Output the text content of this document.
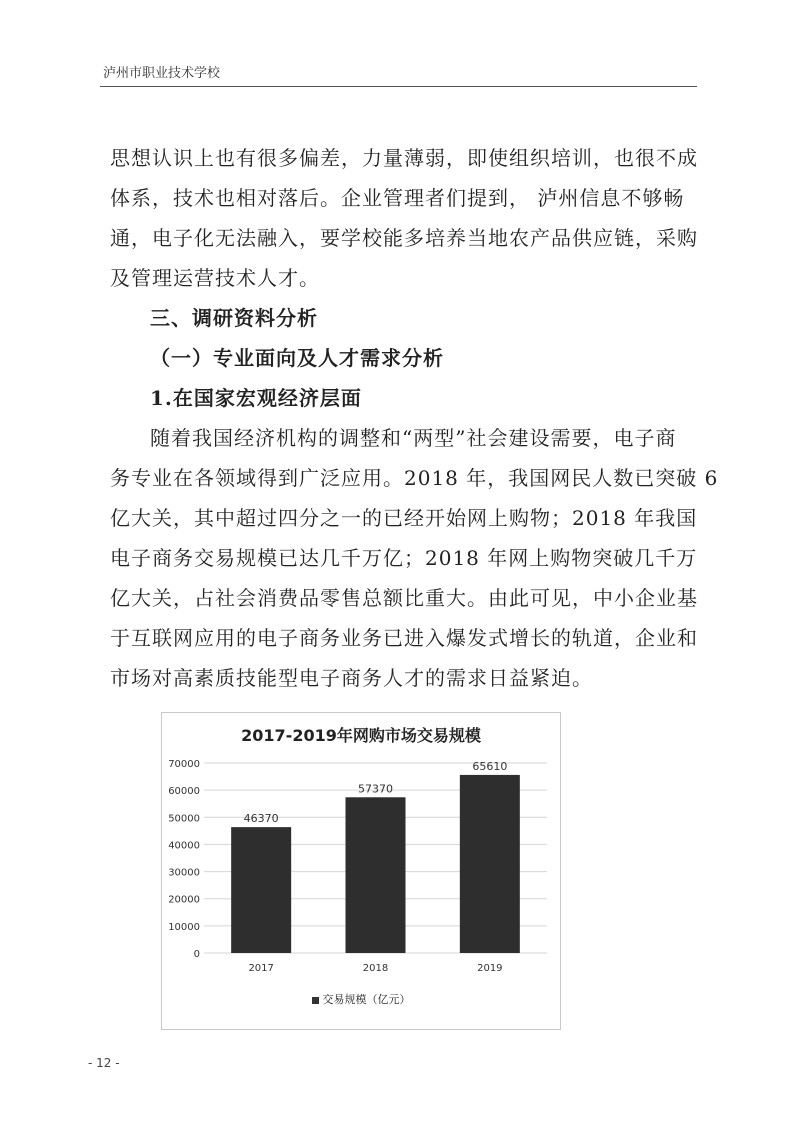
泸州市职业技术学校
思想认识上也有很多偏差，力量薄弱，即使组织培训，也很不成
体系，技术也相对落后。企业管理者们提到， 泸州信息不够畅
通，电子化无法融入，要学校能多培养当地农产品供应链，采购
及管理运营技术人才。
三、调研资料分析
（一）专业面向及人才需求分析
1.在国家宏观经济层面
随着我国经济机构的调整和“两型”社会建设需要，电子商
务专业在各领域得到广泛应用。2018 年，我国网民人数已突破 6
亿大关，其中超过四分之一的已经开始网上购物；2018 年我国
电子商务交易规模已达几千万亿；2018 年网上购物突破几千万
亿大关，占社会消费品零售总额比重大。由此可见，中小企业基
于互联网应用的电子商务业务已进入爆发式增长的轨道，企业和
市场对高素质技能型电子商务人才的需求日益紧迫。
2017-2019年网购市场交易规模
0
10000
20000
30000
40000
50000
60000
70000
46370
2017
57370
2018
65610
2019
交易规模（亿元）
- 12 -
